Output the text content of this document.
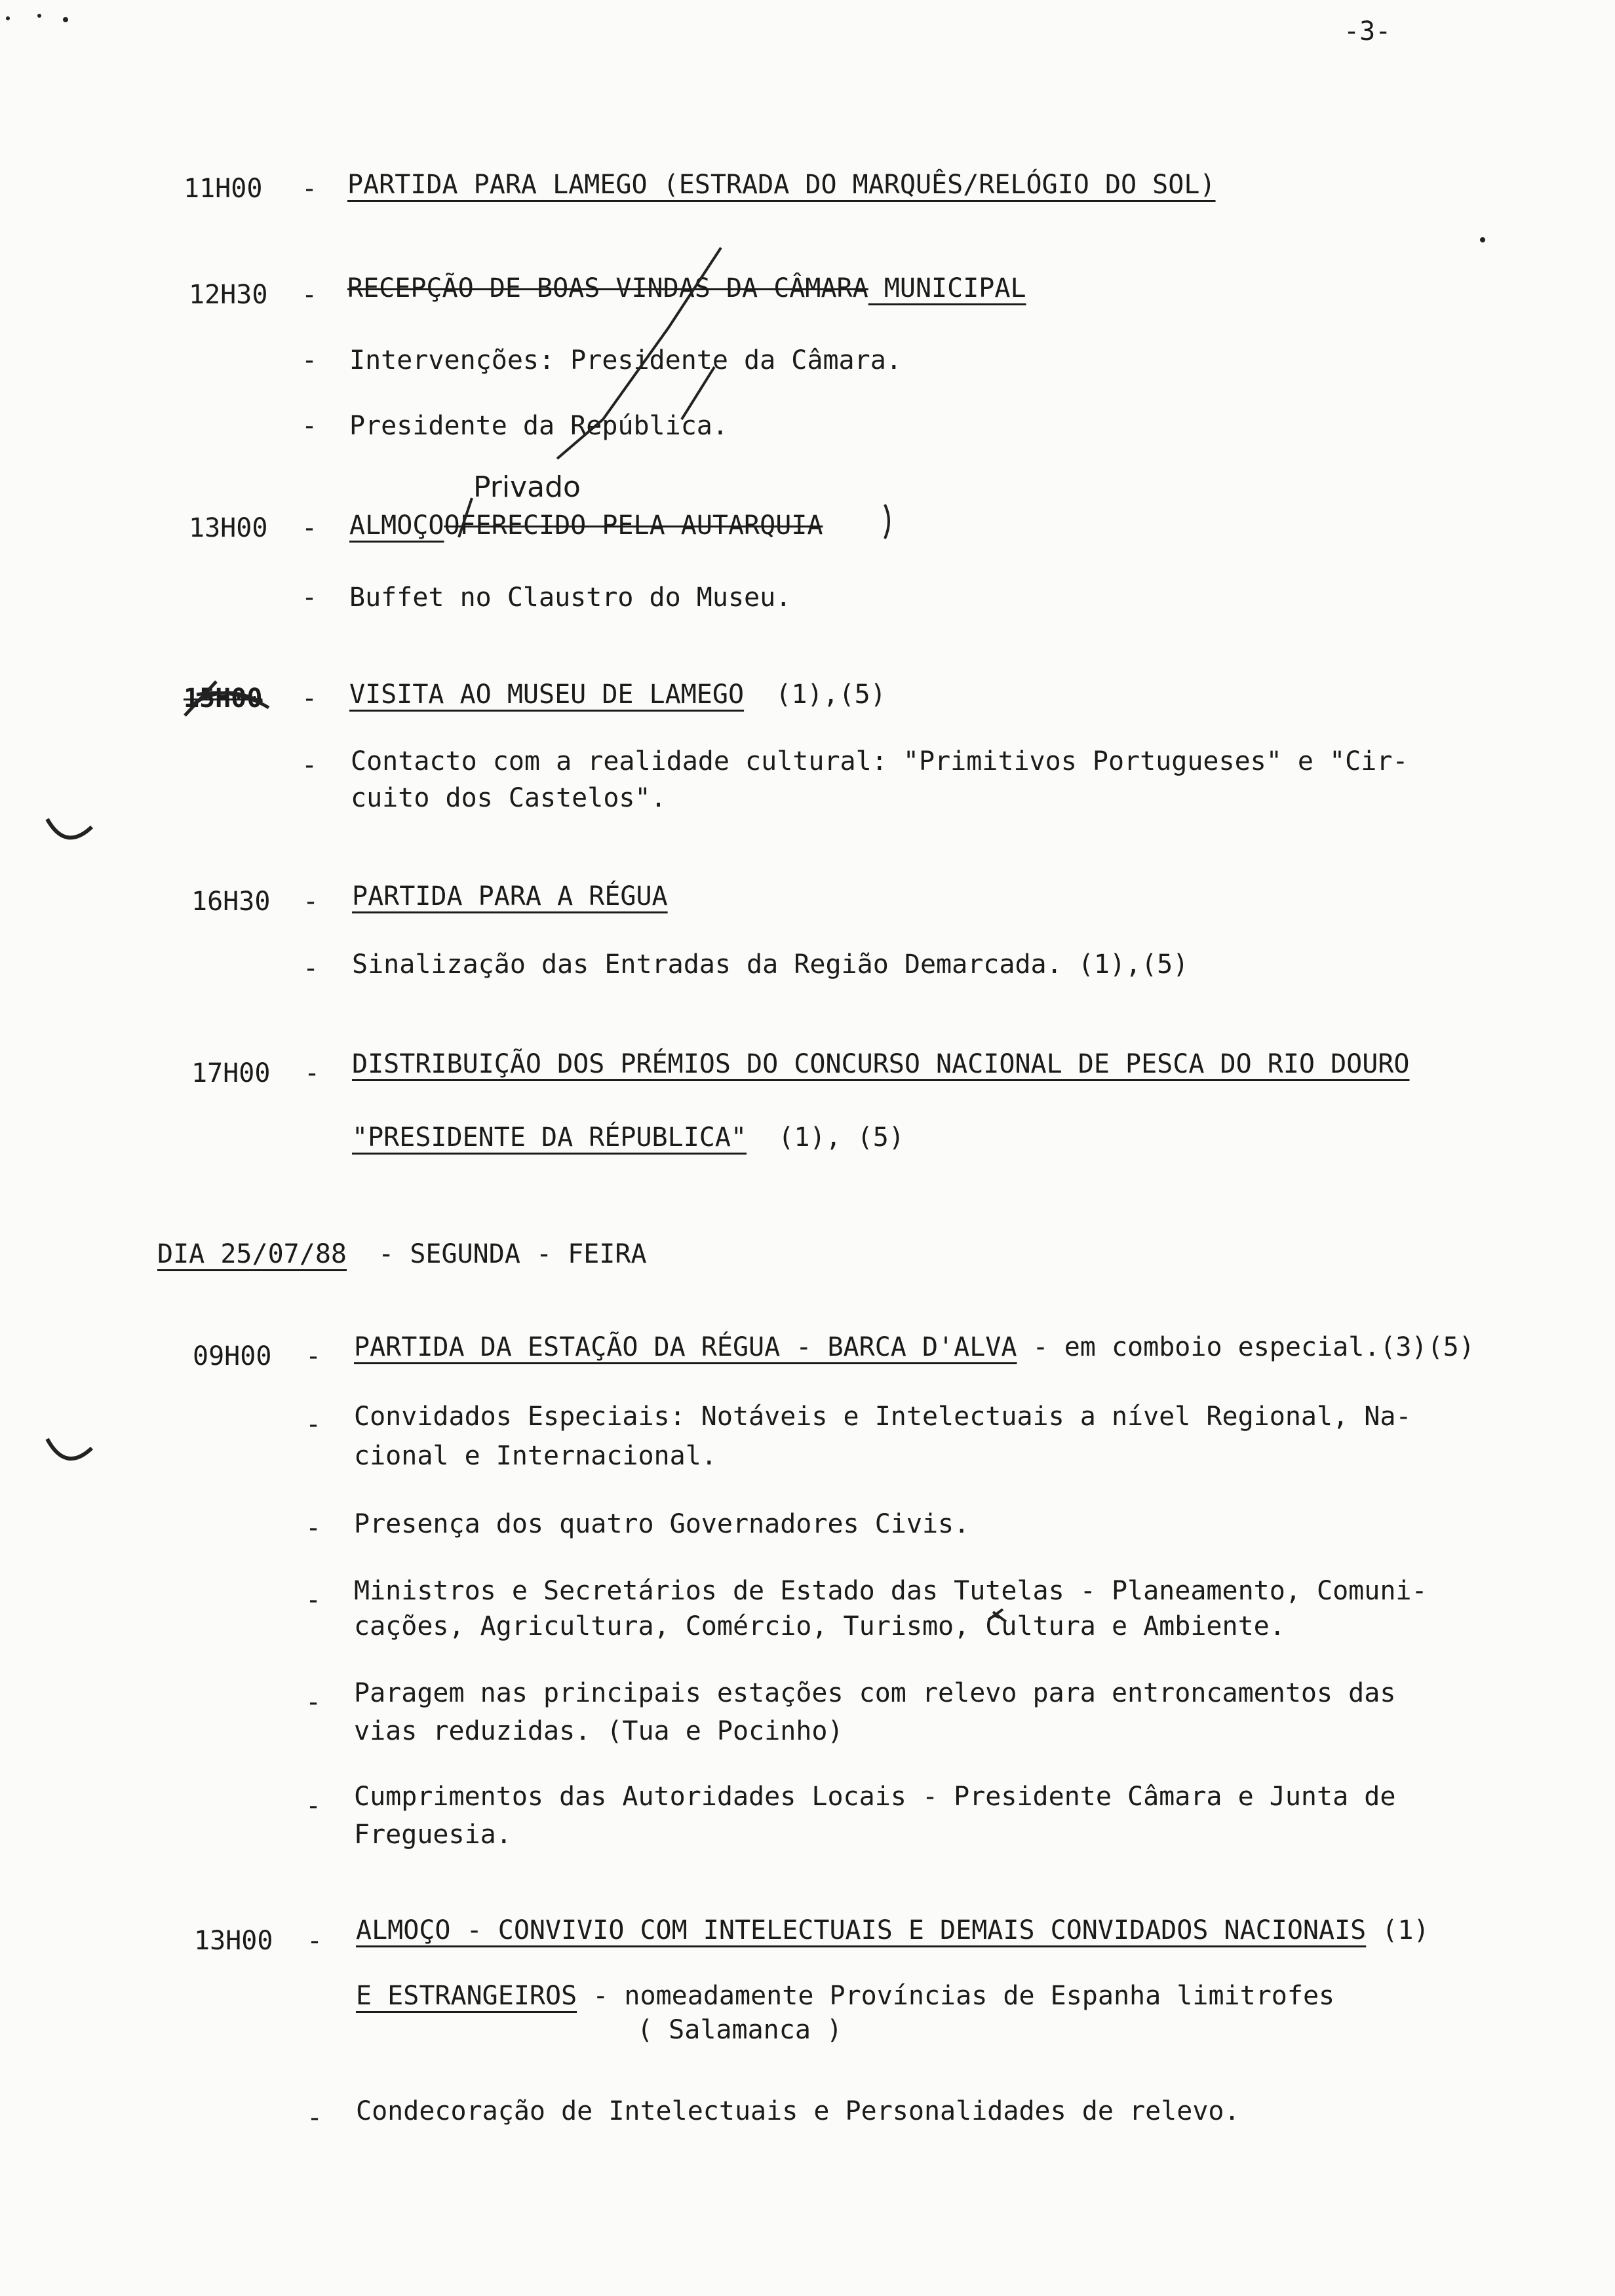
-3-
11H00 - PARTIDA PARA LAMEGO (ESTRADA DO MARQUÊS/RELÓGIO DO SOL)
12H30 - RECEPÇÃO DE BOAS VINDAS DA CÂMARA MUNICIPAL
- Intervenções: Presidente da Câmara.
- Presidente da República.
Privado
13H00 - ALMOÇOOFERECIDO PELA AUTARQUIA
- Buffet no Claustro do Museu.
15H00 - VISITA AO MUSEU DE LAMEGO (1),(5)
- Contacto com a realidade cultural: "Primitivos Portugueses" e "Cir-
cuito dos Castelos".
16H30 - PARTIDA PARA A RÉGUA
- Sinalização das Entradas da Região Demarcada. (1),(5)
17H00 - DISTRIBUIÇÃO DOS PRÉMIOS DO CONCURSO NACIONAL DE PESCA DO RIO DOURO
"PRESIDENTE DA RÉPUBLICA" (1), (5)
DIA 25/07/88 - SEGUNDA - FEIRA
09H00 - PARTIDA DA ESTAÇÃO DA RÉGUA - BARCA D'ALVA - em comboio especial.(3)(5)
- Convidados Especiais: Notáveis e Intelectuais a nível Regional, Na-
cional e Internacional.
- Presença dos quatro Governadores Civis.
- Ministros e Secretários de Estado das Tutelas - Planeamento, Comuni-
cações, Agricultura, Comércio, Turismo, Cultura e Ambiente.
- Paragem nas principais estações com relevo para entroncamentos das
vias reduzidas. (Tua e Pocinho)
- Cumprimentos das Autoridades Locais - Presidente Câmara e Junta de
Freguesia.
13H00 - ALMOÇO - CONVIVIO COM INTELECTUAIS E DEMAIS CONVIDADOS NACIONAIS (1)
E ESTRANGEIROS - nomeadamente Províncias de Espanha limitrofes
( Salamanca )
- Condecoração de Intelectuais e Personalidades de relevo.
